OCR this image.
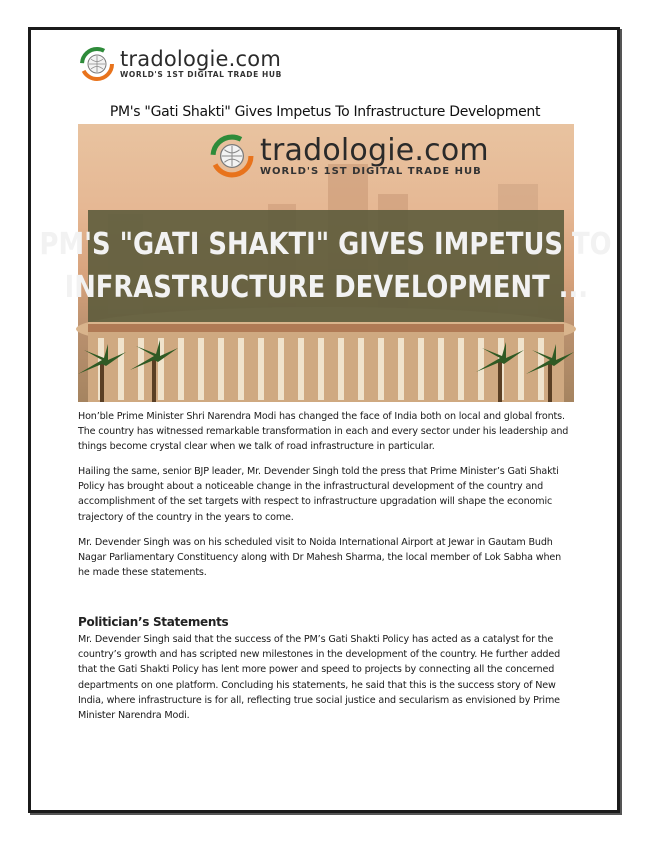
tradologie.com
WORLD'S 1ST DIGITAL TRADE HUB
PM's "Gati Shakti" Gives Impetus To Infrastructure Development
tradologie.com
WORLD'S 1ST DIGITAL TRADE HUB
PM'S "GATI SHAKTI" GIVES IMPETUS TO
INFRASTRUCTURE DEVELOPMENT ...
Hon’ble Prime Minister Shri Narendra Modi has changed the face of India both on local and global fronts. The country has witnessed remarkable transformation in each and every sector under his leadership and things become crystal clear when we talk of road infrastructure in particular.
Hailing the same, senior BJP leader, Mr. Devender Singh told the press that Prime Minister’s Gati Shakti Policy has brought about a noticeable change in the infrastructural development of the country and accomplishment of the set targets with respect to infrastructure upgradation will shape the economic trajectory of the country in the years to come.
Mr. Devender Singh was on his scheduled visit to Noida International Airport at Jewar in Gautam Budh Nagar Parliamentary Constituency along with Dr Mahesh Sharma, the local member of Lok Sabha when he made these statements.
Politician’s Statements
Mr. Devender Singh said that the success of the PM’s Gati Shakti Policy has acted as a catalyst for the country’s growth and has scripted new milestones in the development of the country. He further added that the Gati Shakti Policy has lent more power and speed to projects by connecting all the concerned departments on one platform. Concluding his statements, he said that this is the success story of New India, where infrastructure is for all, reflecting true social justice and secularism as envisioned by Prime Minister Narendra Modi.
